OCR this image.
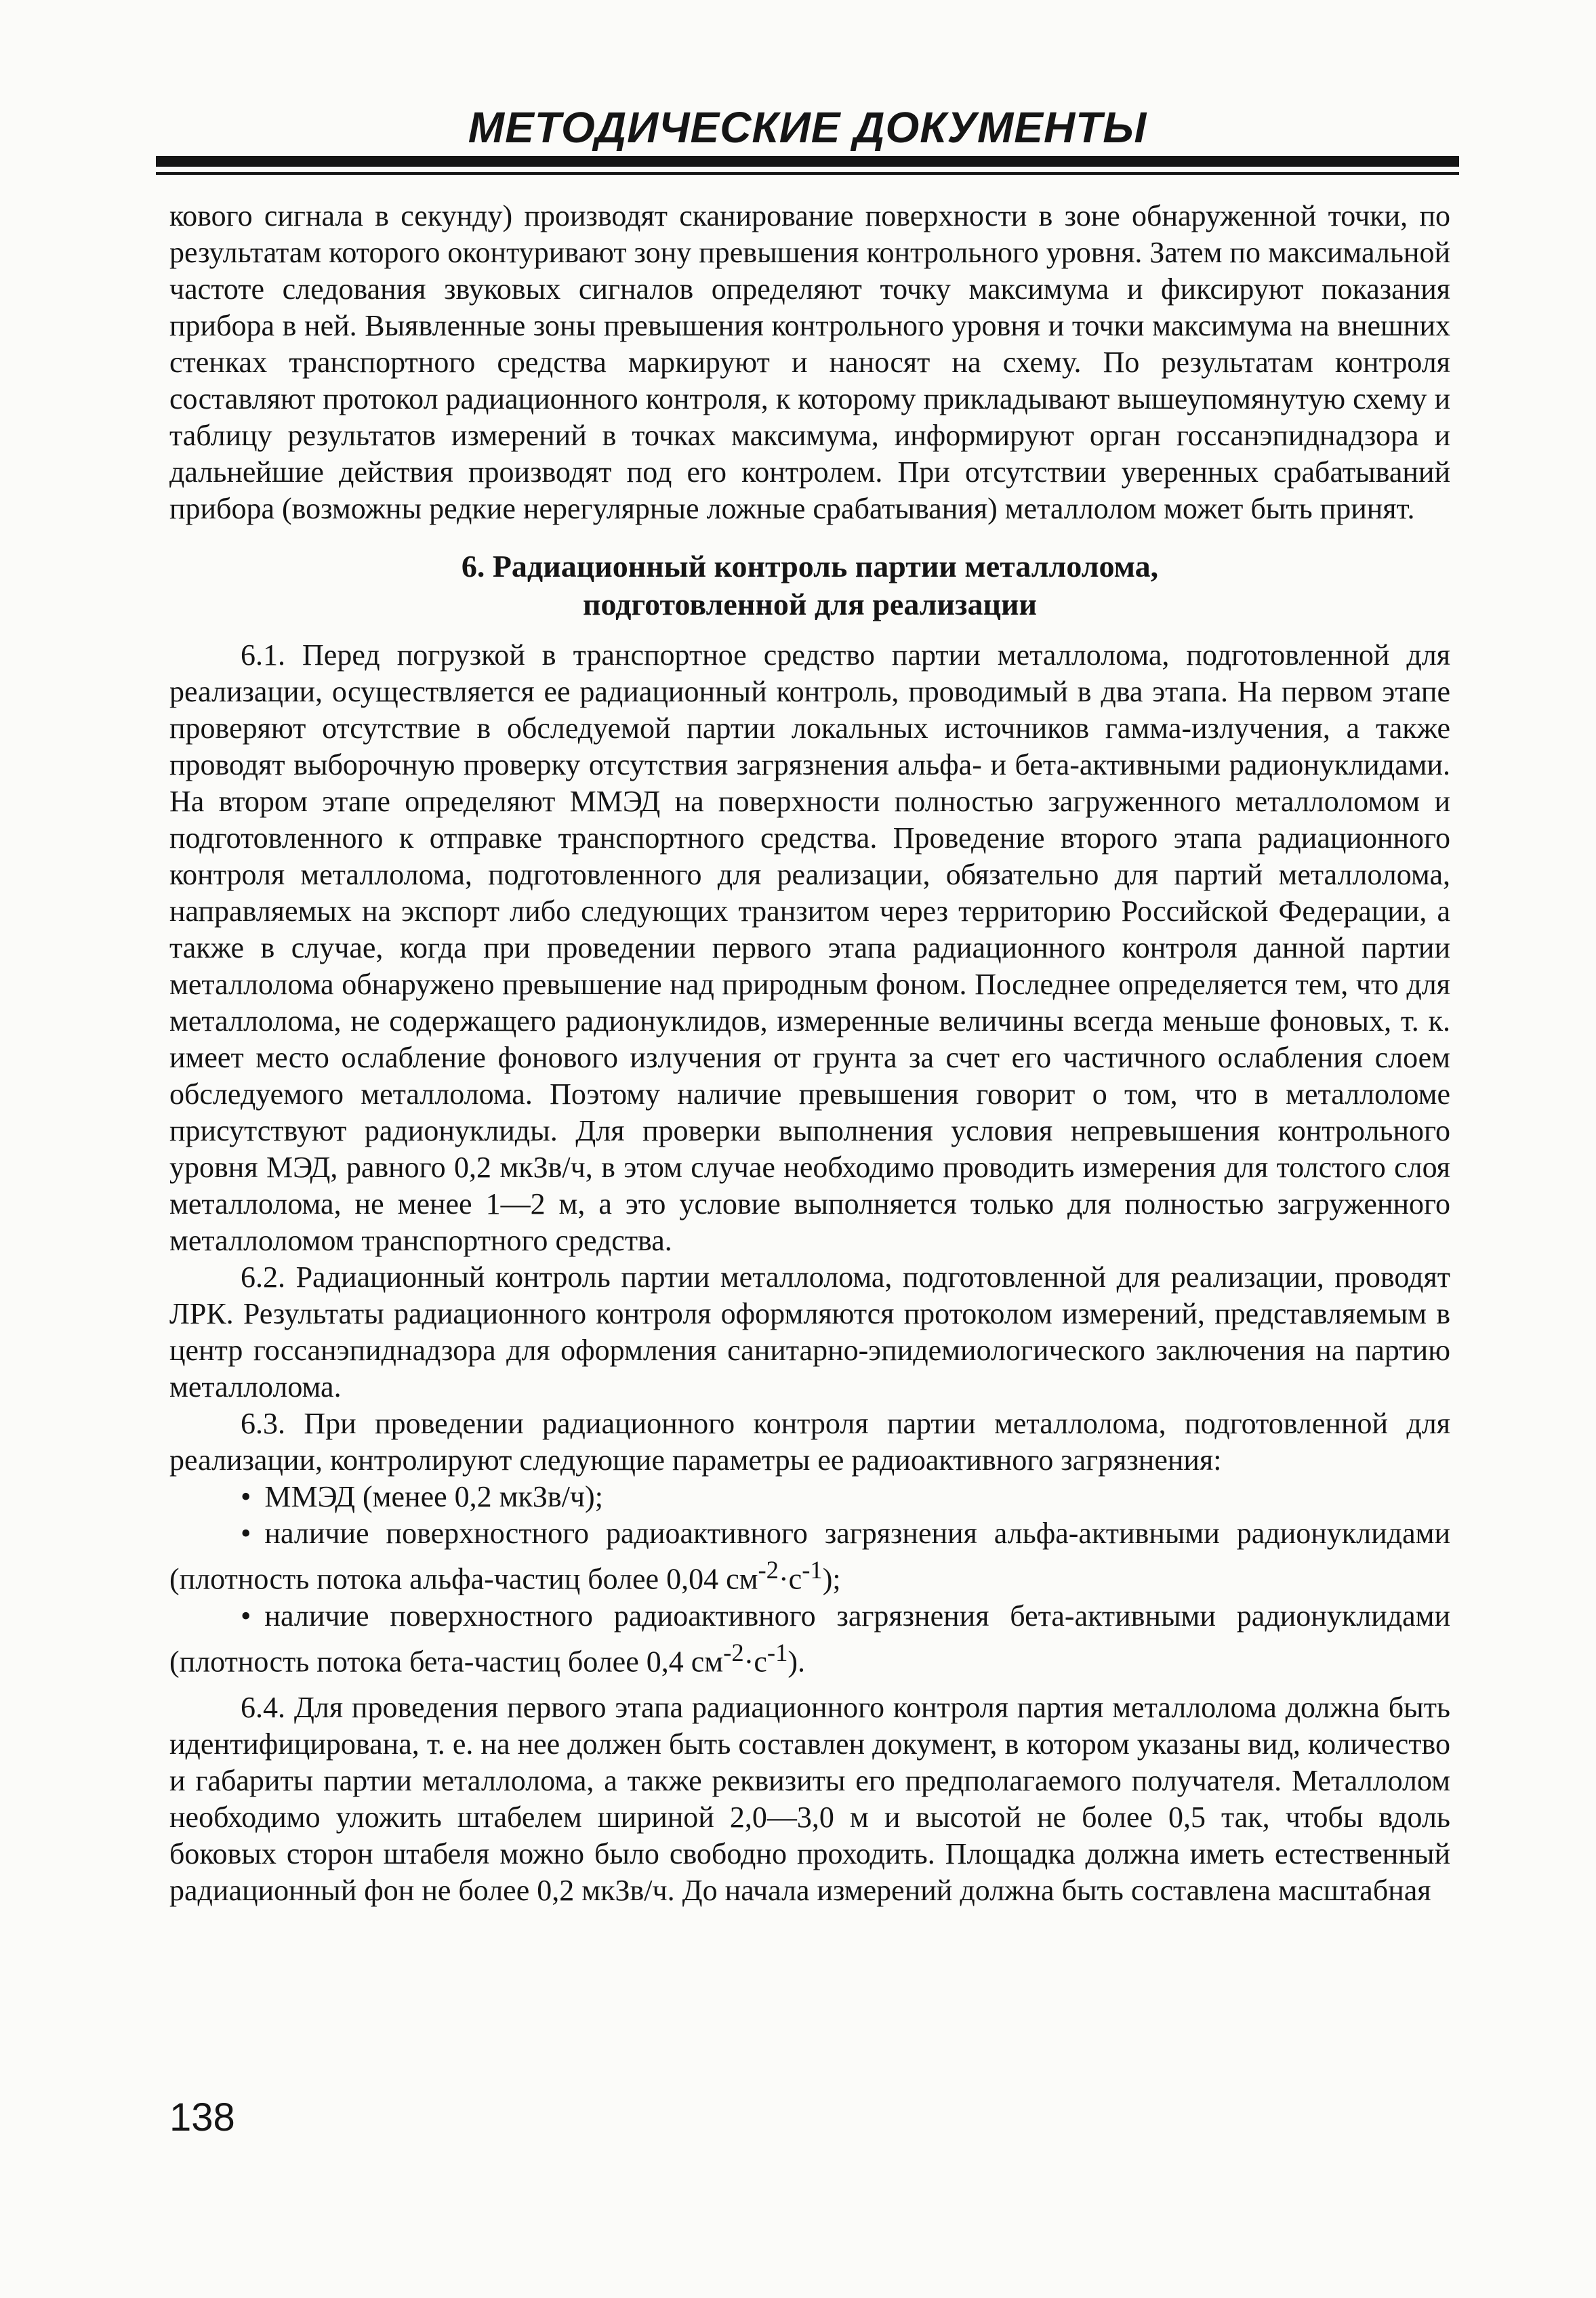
МЕТОДИЧЕСКИЕ ДОКУМЕНТЫ

кового сигнала в секунду) производят сканирование поверхности в зоне обнаруженной точки, по результатам которого оконтуривают зону превышения контрольного уровня. Затем по максимальной частоте следования звуковых сигналов определяют точку максимума и фиксируют показания прибора в ней. Выявленные зоны превышения контрольного уровня и точки максимума на внешних стенках транспортного средства маркируют и наносят на схему. По результатам контроля составляют протокол радиационного контроля, к которому прикладывают вышеупомянутую схему и таблицу результатов измерений в точках максимума, информируют орган госсанэпиднадзора и дальнейшие действия производят под его контролем. При отсутствии уверенных срабатываний прибора (возможны редкие нерегулярные ложные срабатывания) металлолом может быть принят.

6. Радиационный контроль партии металлолома,
подготовленной для реализации

6.1. Перед погрузкой в транспортное средство партии металлолома, подготовленной для реализации, осуществляется ее радиационный контроль, проводимый в два этапа. На первом этапе проверяют отсутствие в обследуемой партии локальных источников гамма-излучения, а также проводят выборочную проверку отсутствия загрязнения альфа- и бета-активными радионуклидами. На втором этапе определяют ММЭД на поверхности полностью загруженного металлоломом и подготовленного к отправке транспортного средства. Проведение второго этапа радиационного контроля металлолома, подготовленного для реализации, обязательно для партий металлолома, направляемых на экспорт либо следующих транзитом через территорию Российской Федерации, а также в случае, когда при проведении первого этапа радиационного контроля данной партии металлолома обнаружено превышение над природным фоном. Последнее определяется тем, что для металлолома, не содержащего радионуклидов, измеренные величины всегда меньше фоновых, т. к. имеет место ослабление фонового излучения от грунта за счет его частичного ослабления слоем обследуемого металлолома. Поэтому наличие превышения говорит о том, что в металлоломе присутствуют радионуклиды. Для проверки выполнения условия непревышения контрольного уровня МЭД, равного 0,2 мкЗв/ч, в этом случае необходимо проводить измерения для толстого слоя металлолома, не менее 1—2 м, а это условие выполняется только для полностью загруженного металлоломом транспортного средства.

6.2. Радиационный контроль партии металлолома, подготовленной для реализации, проводят ЛРК. Результаты радиационного контроля оформляются протоколом измерений, представляемым в центр госсанэпиднадзора для оформления санитарно-эпидемиологического заключения на партию металлолома.

6.3. При проведении радиационного контроля партии металлолома, подготовленной для реализации, контролируют следующие параметры ее радиоактивного загрязнения:

• ММЭД (менее 0,2 мкЗв/ч);
• наличие поверхностного радиоактивного загрязнения альфа-активными радионуклидами (плотность потока альфа-частиц более 0,04 $см^{-2}\cdot с^{-1}$);
• наличие поверхностного радиоактивного загрязнения бета-активными радионуклидами (плотность потока бета-частиц более 0,4 $см^{-2}\cdot с^{-1}$).

6.4. Для проведения первого этапа радиационного контроля партия металлолома должна быть идентифицирована, т. е. на нее должен быть составлен документ, в котором указаны вид, количество и габариты партии металлолома, а также реквизиты его предполагаемого получателя. Металлолом необходимо уложить штабелем шириной 2,0—3,0 м и высотой не более 0,5 так, чтобы вдоль боковых сторон штабеля можно было свободно проходить. Площадка должна иметь естественный радиационный фон не более 0,2 мкЗв/ч. До начала измерений должна быть составлена масштабная

138
